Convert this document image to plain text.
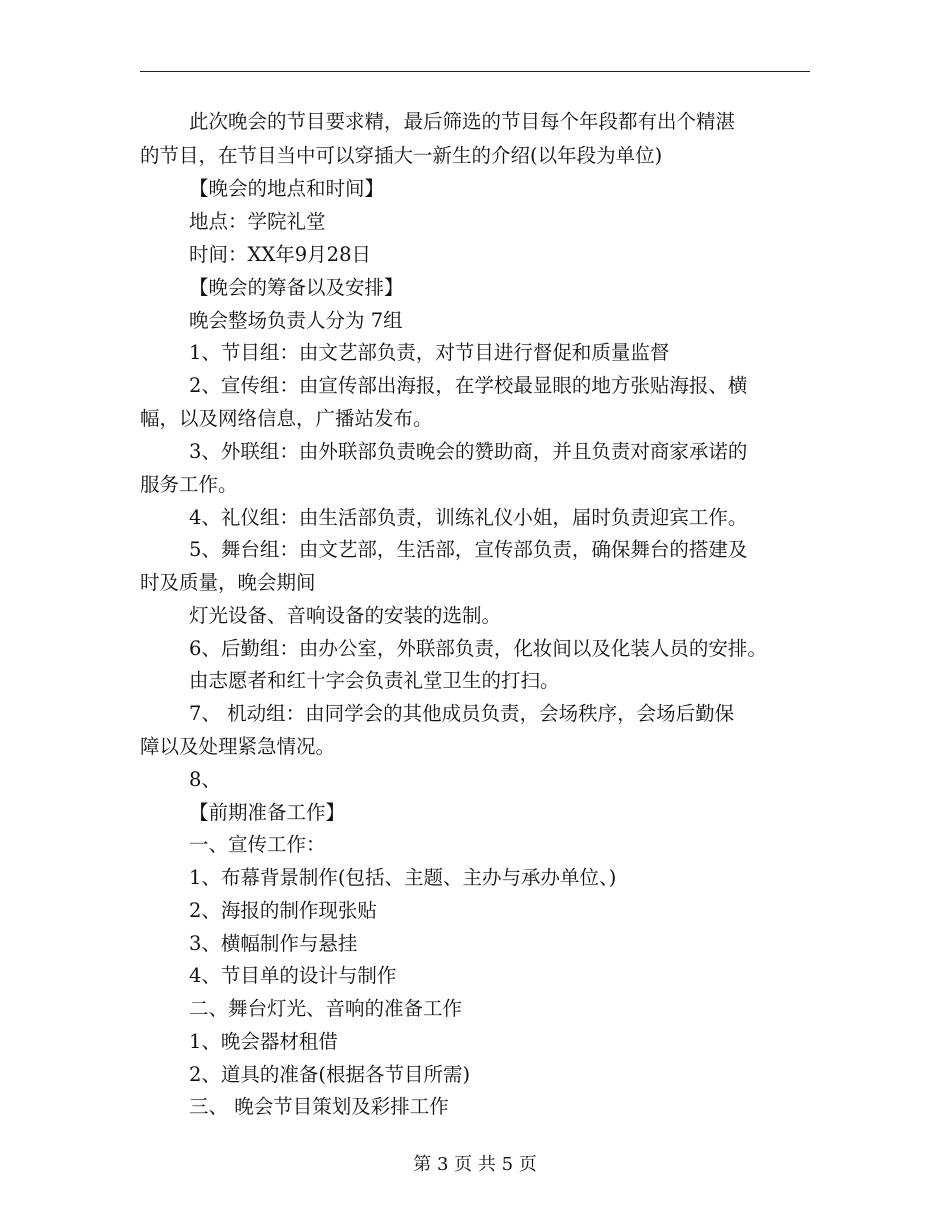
此次晚会的节目要求精，最后筛选的节目每个年段都有出个精湛
的节目，在节目当中可以穿插大一新生的介绍(以年段为单位)
【晚会的地点和时间】
地点：学院礼堂
时间：XX年9月28日
【晚会的筹备以及安排】
晚会整场负责人分为 7组
1、节目组：由文艺部负责，对节目进行督促和质量监督
2、宣传组：由宣传部出海报，在学校最显眼的地方张贴海报、横
幅，以及网络信息，广播站发布。
3、外联组：由外联部负责晚会的赞助商，并且负责对商家承诺的
服务工作。
4、礼仪组：由生活部负责，训练礼仪小姐，届时负责迎宾工作。
5、舞台组：由文艺部，生活部，宣传部负责，确保舞台的搭建及
时及质量，晚会期间
灯光设备、音响设备的安装的选制。
6、后勤组：由办公室，外联部负责，化妆间以及化装人员的安排。
由志愿者和红十字会负责礼堂卫生的打扫。
7、 机动组：由同学会的其他成员负责，会场秩序，会场后勤保
障以及处理紧急情况。
8、
【前期准备工作】
一、宣传工作：
1、布幕背景制作(包括、主题、主办与承办单位、)
2、海报的制作现张贴
3、横幅制作与悬挂
4、节目单的设计与制作
二、舞台灯光、音响的准备工作
1、晚会器材租借
2、道具的准备(根据各节目所需)
三、 晚会节目策划及彩排工作
第 3 页 共 5 页
